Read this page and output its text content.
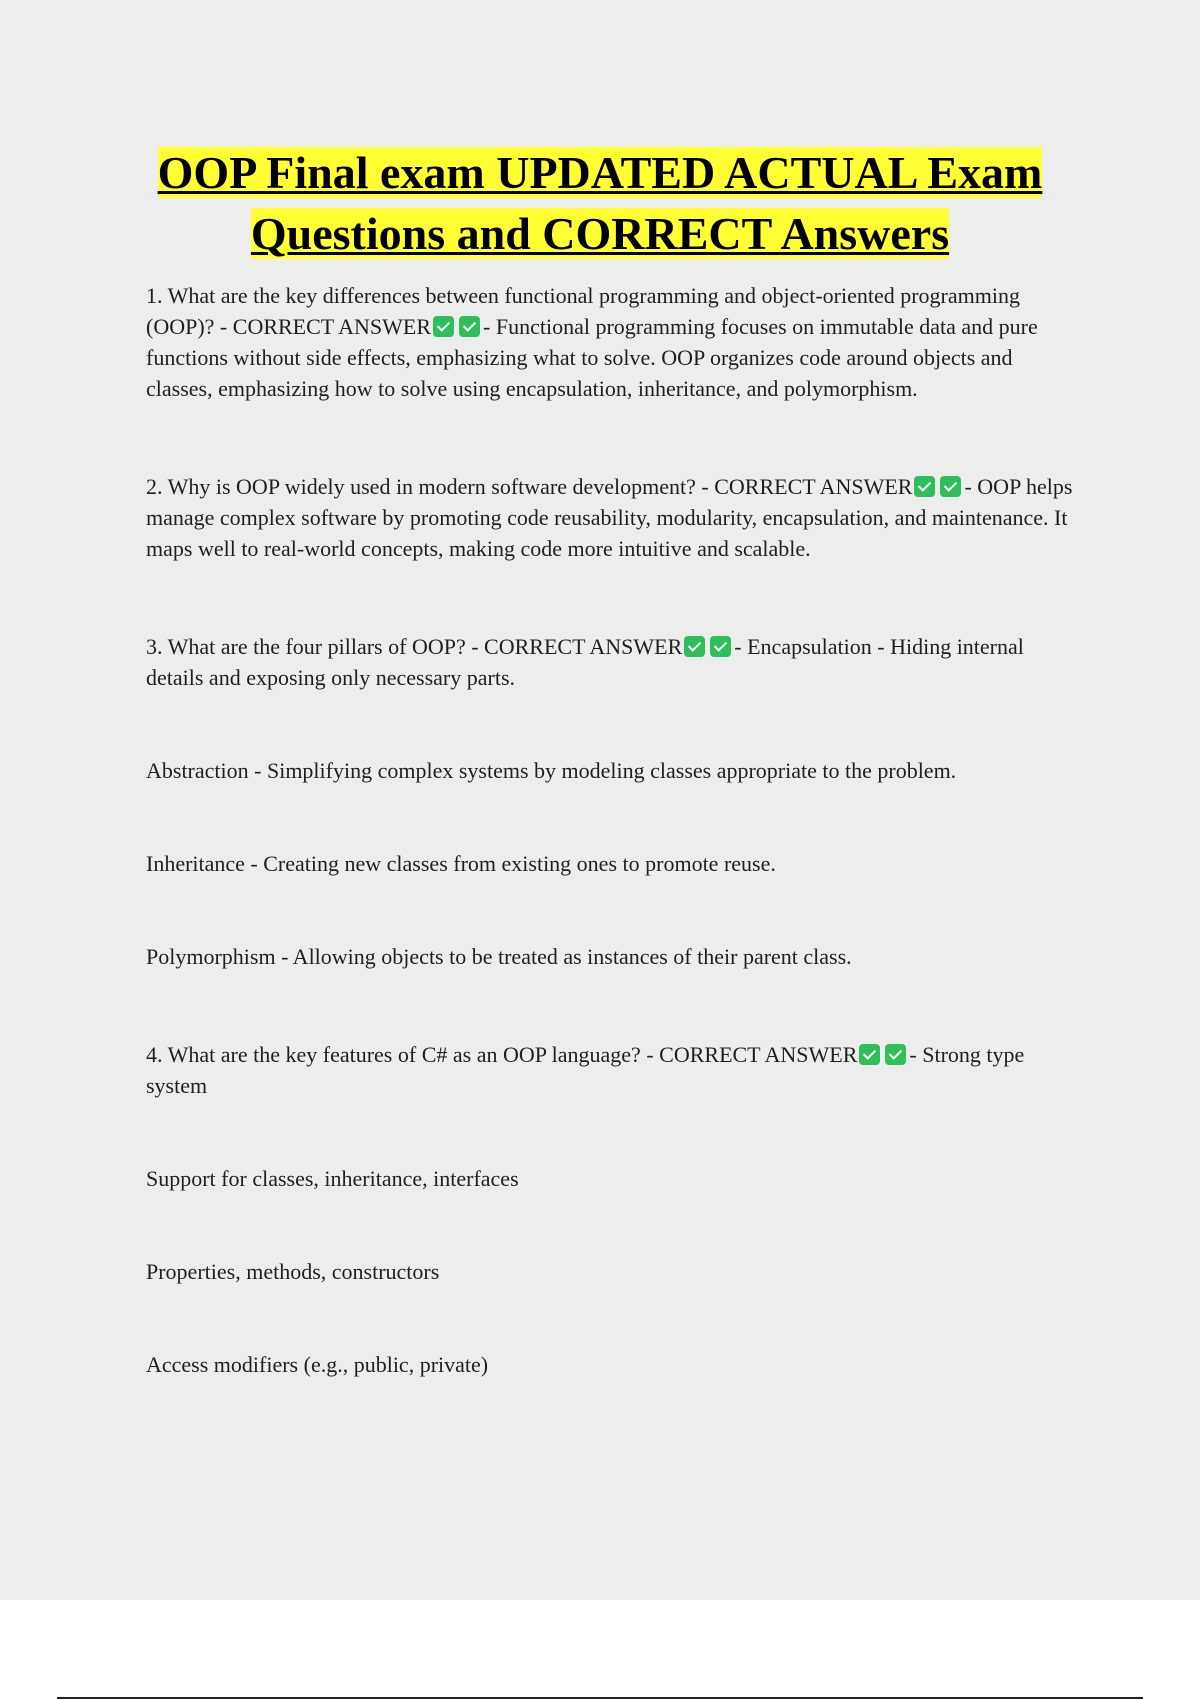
OOP Final exam UPDATED ACTUAL Exam Questions and CORRECT Answers

1. What are the key differences between functional programming and object-oriented programming (OOP)? - CORRECT ANSWER - Functional programming focuses on immutable data and pure functions without side effects, emphasizing what to solve. OOP organizes code around objects and classes, emphasizing how to solve using encapsulation, inheritance, and polymorphism.

2. Why is OOP widely used in modern software development? - CORRECT ANSWER - OOP helps manage complex software by promoting code reusability, modularity, encapsulation, and maintenance. It maps well to real-world concepts, making code more intuitive and scalable.

3. What are the four pillars of OOP? - CORRECT ANSWER - Encapsulation - Hiding internal details and exposing only necessary parts.

Abstraction - Simplifying complex systems by modeling classes appropriate to the problem.

Inheritance - Creating new classes from existing ones to promote reuse.

Polymorphism - Allowing objects to be treated as instances of their parent class.

4. What are the key features of C# as an OOP language? - CORRECT ANSWER - Strong type system

Support for classes, inheritance, interfaces

Properties, methods, constructors

Access modifiers (e.g., public, private)
